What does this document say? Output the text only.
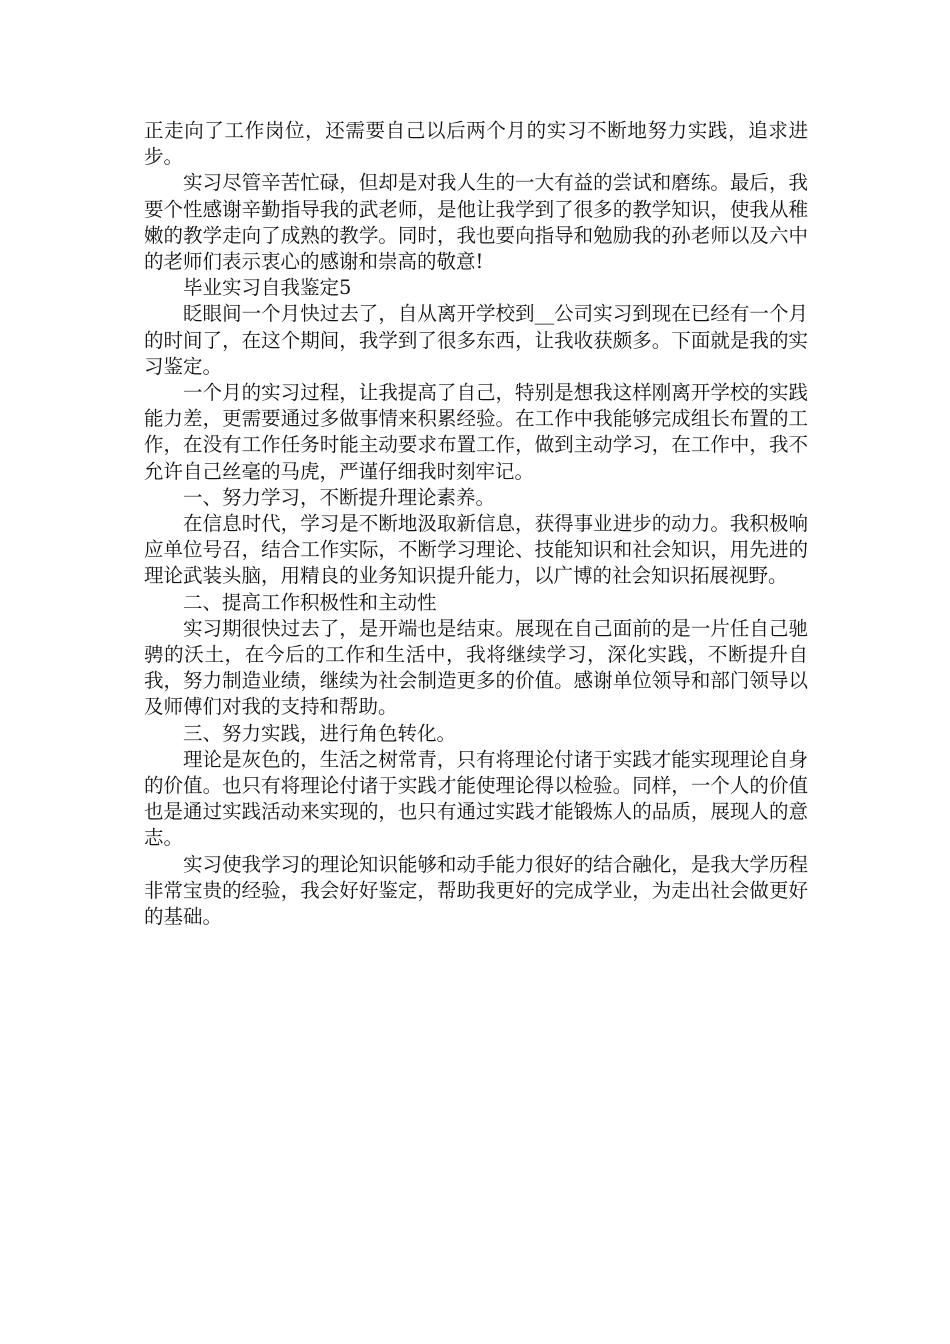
正走向了工作岗位，还需要自己以后两个月的实习不断地努力实践，追求进步。

实习尽管辛苦忙碌，但却是对我人生的一大有益的尝试和磨练。最后，我要个性感谢辛勤指导我的武老师，是他让我学到了很多的教学知识，使我从稚嫩的教学走向了成熟的教学。同时，我也要向指导和勉励我的孙老师以及六中的老师们表示衷心的感谢和崇高的敬意!

毕业实习自我鉴定5

眨眼间一个月快过去了，自从离开学校到__公司实习到现在已经有一个月的时间了，在这个期间，我学到了很多东西，让我收获颇多。下面就是我的实习鉴定。

一个月的实习过程，让我提高了自己，特别是想我这样刚离开学校的实践能力差，更需要通过多做事情来积累经验。在工作中我能够完成组长布置的工作，在没有工作任务时能主动要求布置工作，做到主动学习，在工作中，我不允许自己丝毫的马虎，严谨仔细我时刻牢记。

一、努力学习，不断提升理论素养。

在信息时代，学习是不断地汲取新信息，获得事业进步的动力。我积极响应单位号召，结合工作实际，不断学习理论、技能知识和社会知识，用先进的理论武装头脑，用精良的业务知识提升能力，以广博的社会知识拓展视野。

二、提高工作积极性和主动性

实习期很快过去了，是开端也是结束。展现在自己面前的是一片任自己驰骋的沃土，在今后的工作和生活中，我将继续学习，深化实践，不断提升自我，努力制造业绩，继续为社会制造更多的价值。感谢单位领导和部门领导以及师傅们对我的支持和帮助。

三、努力实践，进行角色转化。

理论是灰色的，生活之树常青，只有将理论付诸于实践才能实现理论自身的价值。也只有将理论付诸于实践才能使理论得以检验。同样，一个人的价值也是通过实践活动来实现的，也只有通过实践才能锻炼人的品质，展现人的意志。

实习使我学习的理论知识能够和动手能力很好的结合融化，是我大学历程非常宝贵的经验，我会好好鉴定，帮助我更好的完成学业，为走出社会做更好的基础。
